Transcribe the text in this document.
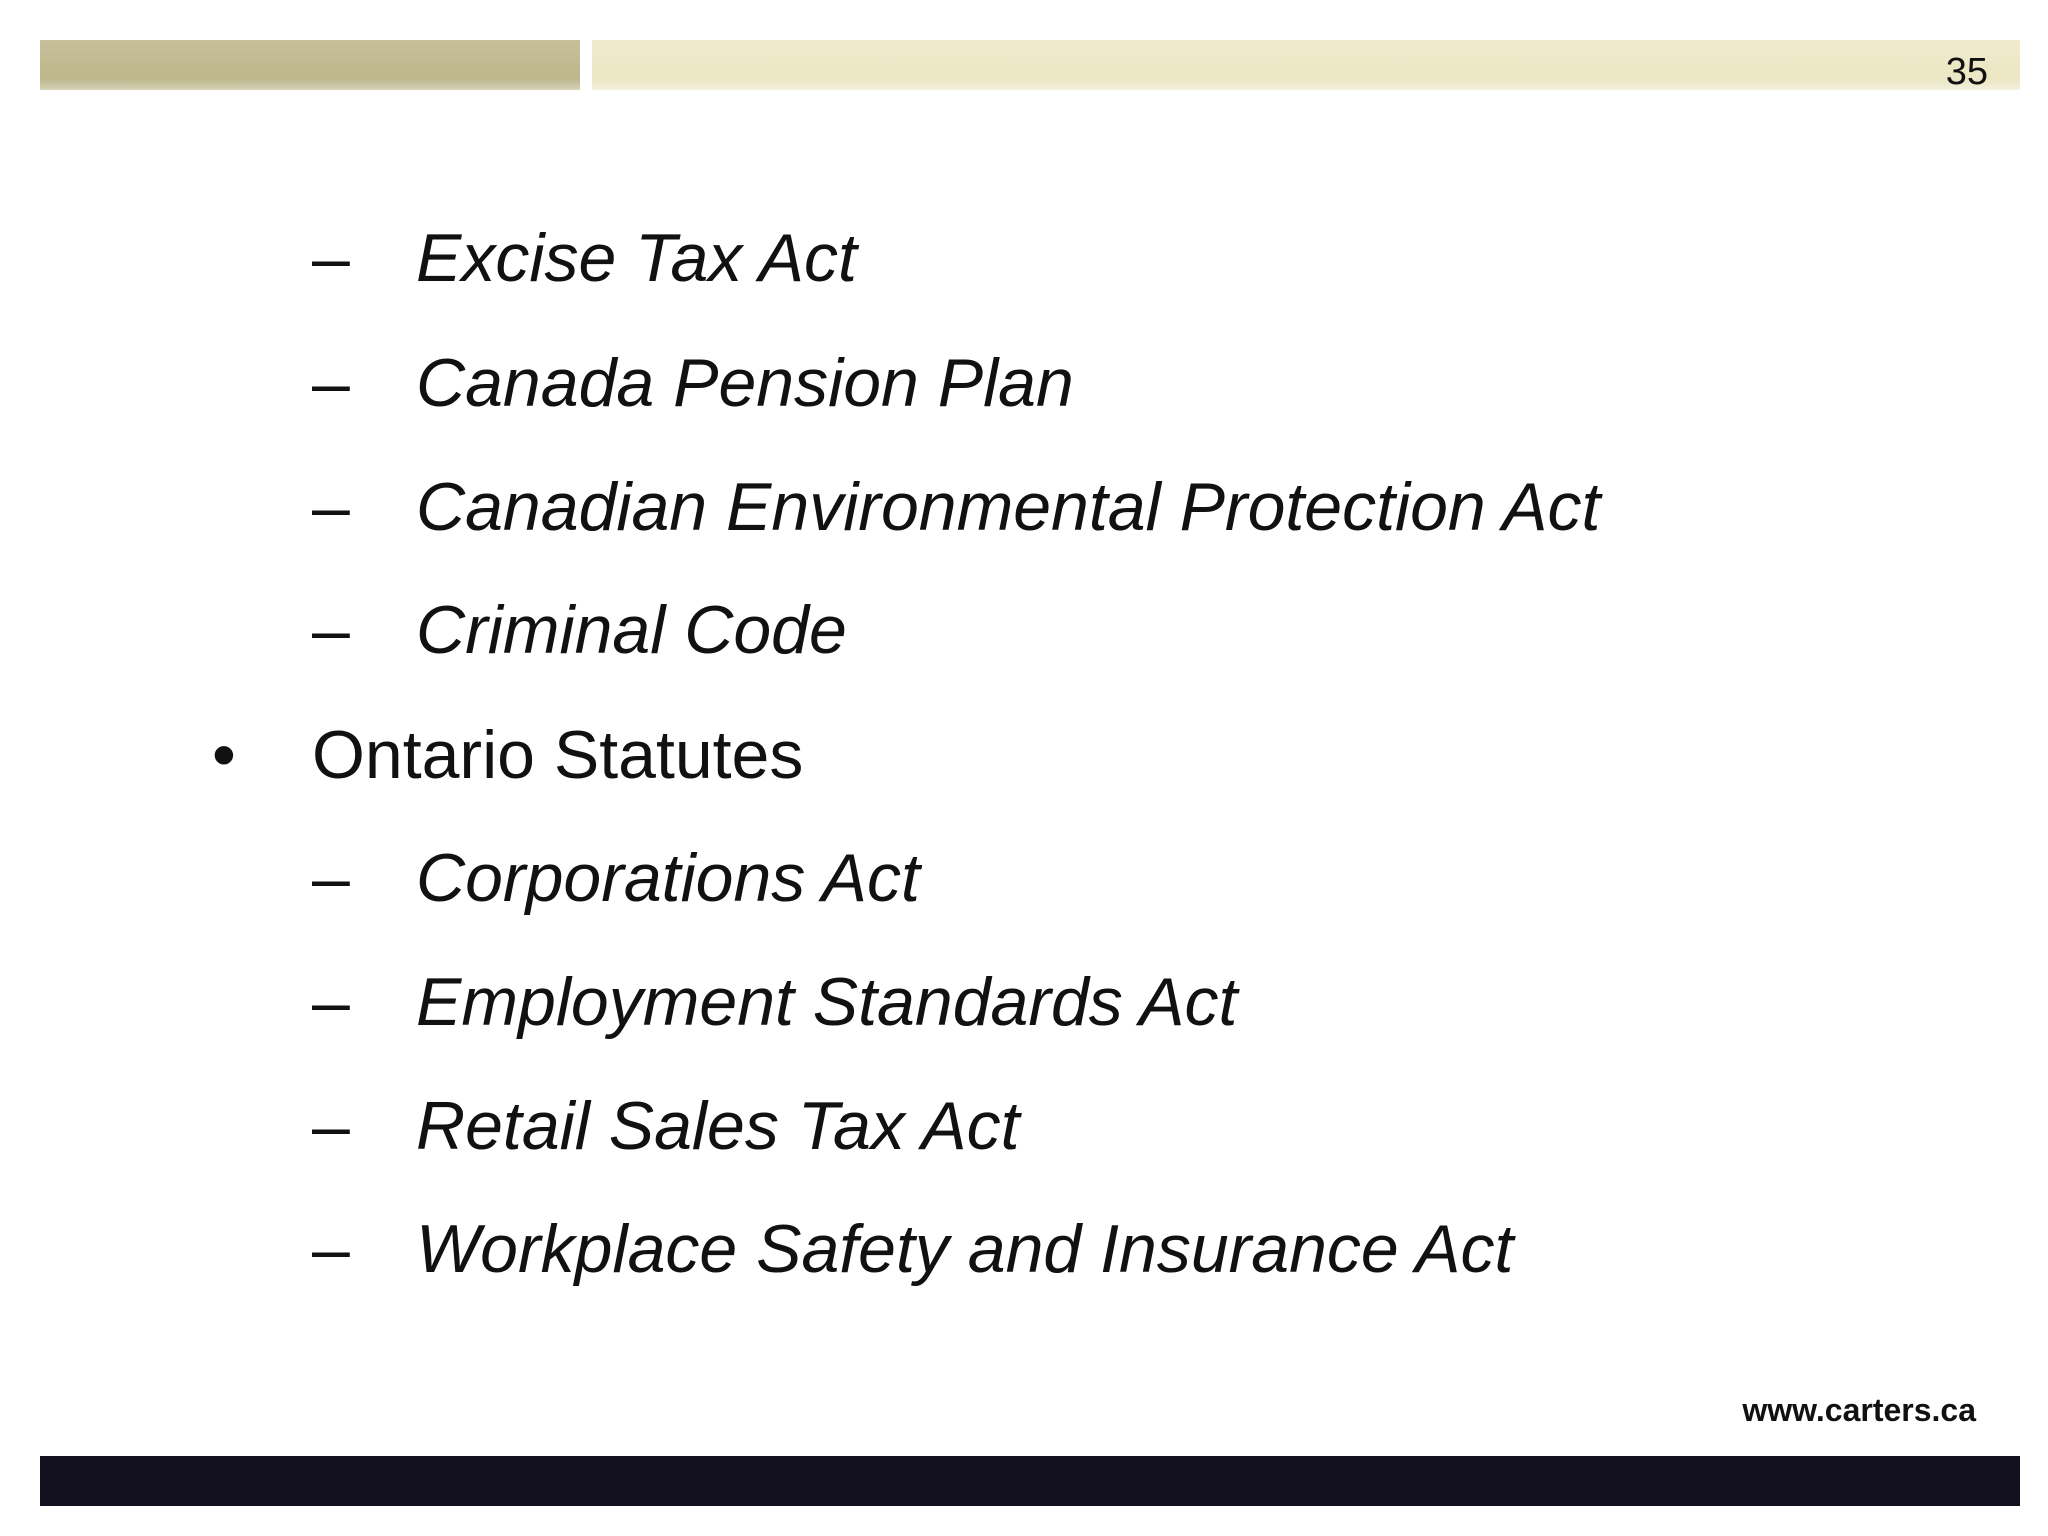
35
– Excise Tax Act
– Canada Pension Plan
– Canadian Environmental Protection Act
– Criminal Code
• Ontario Statutes
– Corporations Act
– Employment Standards Act
– Retail Sales Tax Act
– Workplace Safety and Insurance Act
www.carters.ca
